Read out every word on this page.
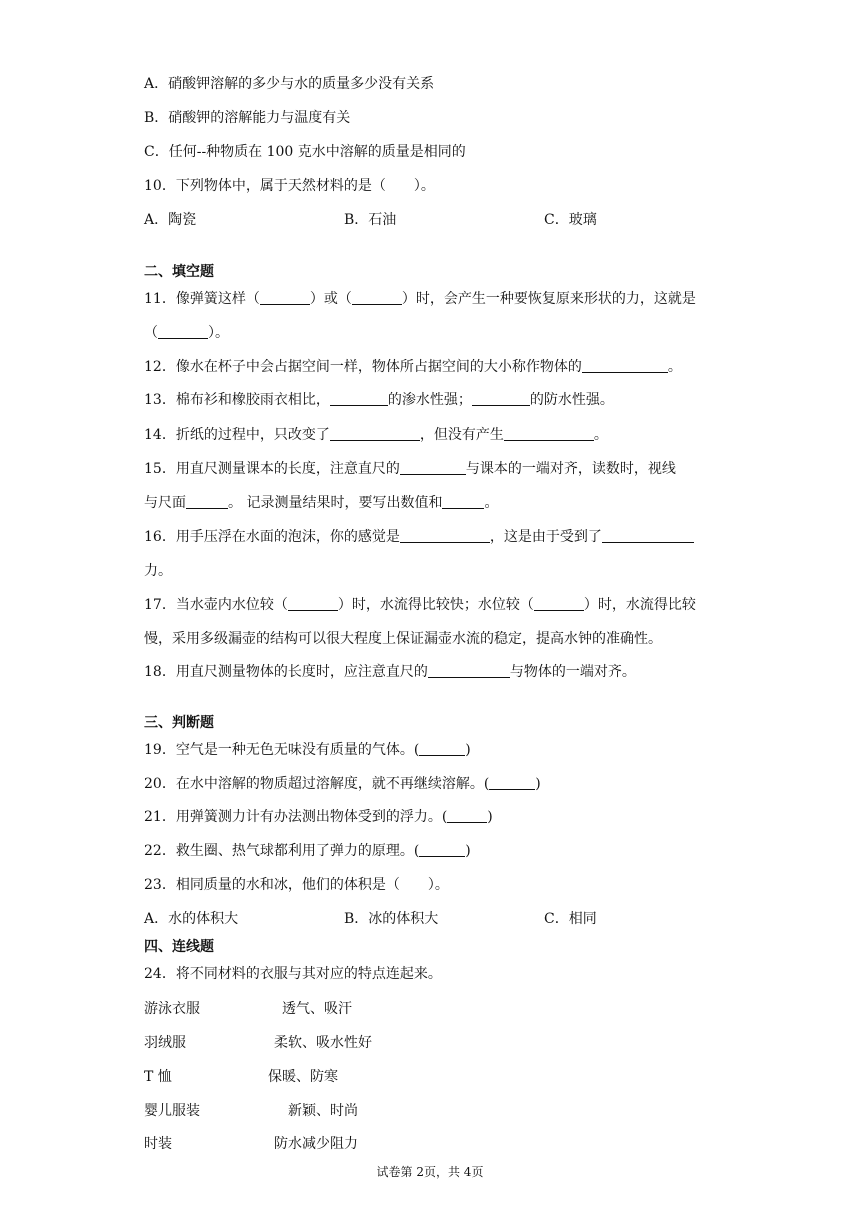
A．硝酸钾溶解的多少与水的质量多少没有关系
B．硝酸钾的溶解能力与温度有关
C．任何--种物质在 100 克水中溶解的质量是相同的
10．下列物体中，属于天然材料的是（　　）。
A．陶瓷	B．石油	C．玻璃
二、填空题
11．像弹簧这样（	）或（	）时，会产生一种要恢复原来形状的力，这就是
（	）。
12．像水在杯子中会占据空间一样，物体所占据空间的大小称作物体的	。
13．棉布衫和橡胶雨衣相比，	的渗水性强；	的防水性强。
14．折纸的过程中，只改变了	，但没有产生	。
15．用直尺测量课本的长度，注意直尺的	与课本的一端对齐，读数时，视线
与尺面	。 记录测量结果时，要写出数值和	。
16．用手压浮在水面的泡沫，你的感觉是	，这是由于受到了
力。
17．当水壶内水位较（	）时，水流得比较快；水位较（	）时，水流得比较
慢，采用多级漏壶的结构可以很大程度上保证漏壶水流的稳定，提高水钟的准确性。
18．用直尺测量物体的长度时，应注意直尺的	与物体的一端对齐。
三、判断题
19．空气是一种无色无味没有质量的气体。(	)
20．在水中溶解的物质超过溶解度，就不再继续溶解。(	)
21．用弹簧测力计有办法测出物体受到的浮力。(	)
22．救生圈、热气球都利用了弹力的原理。(	)
23．相同质量的水和冰，他们的体积是（　　）。
A．水的体积大	B．冰的体积大	C．相同
四、连线题
24．将不同材料的衣服与其对应的特点连起来。
游泳衣服	透气、吸汗
羽绒服	柔软、吸水性好
T 恤	保暖、防寒
婴儿服装	新颖、时尚
时装	防水减少阻力
试卷第 2页，共 4页
